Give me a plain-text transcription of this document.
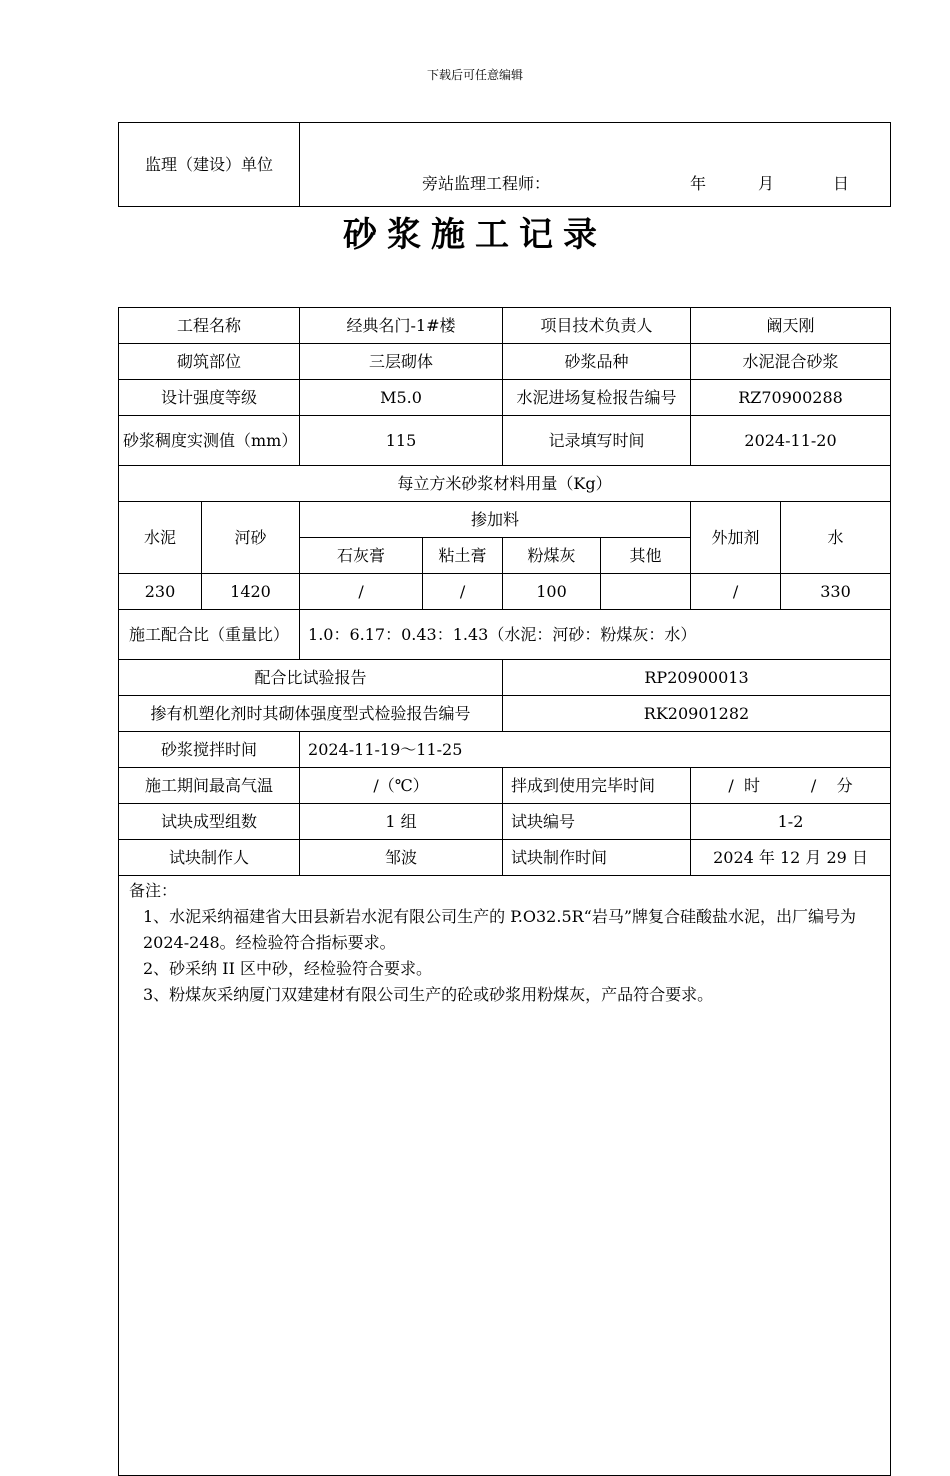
下载后可任意编辑
监理（建设）单位	
旁站监理工程师：	年	月	日
砂浆施工记录
工程名称		经典名门-1#楼		项目技术负责人		阚天刚	
砌筑部位		三层砌体		砂浆品种		水泥混合砂浆	
设计强度等级		M5.0		水泥进场复检报告编号		RZ70900288	
砂浆稠度实测值（mm）		115		记录填写时间		2024-11-20	
每立方米砂浆材料用量（Kg）							
水泥	河砂	掺加料				外加剂	水
		石灰膏	粘土膏	粉煤灰	其他		
230	1420	/	/	100		/	330
施工配合比（重量比）		1.0：6.17：0.43：1.43（水泥：河砂：粉煤灰：水）					
配合比试验报告				RP20900013			
掺有机塑化剂时其砌体强度型式检验报告编号				RK20901282			
砂浆搅拌时间		2024-11-19～11-25					
施工期间最高气温		/（℃）		拌成到使用完毕时间		/  时          /    分	
试块成型组数		1 组		试块编号		1-2	
试块制作人		邹波		试块制作时间		2024 年 12 月 29 日	

备注：

1、水泥采纳福建省大田县新岩水泥有限公司生产的 P.O32.5R“岩马”牌复合硅酸盐水泥，出厂编号为2024-248。经检验符合指标要求。

2、砂采纳 II 区中砂，经检验符合要求。

3、粉煤灰采纳厦门双建建材有限公司生产的砼或砂浆用粉煤灰，产品符合要求。							
